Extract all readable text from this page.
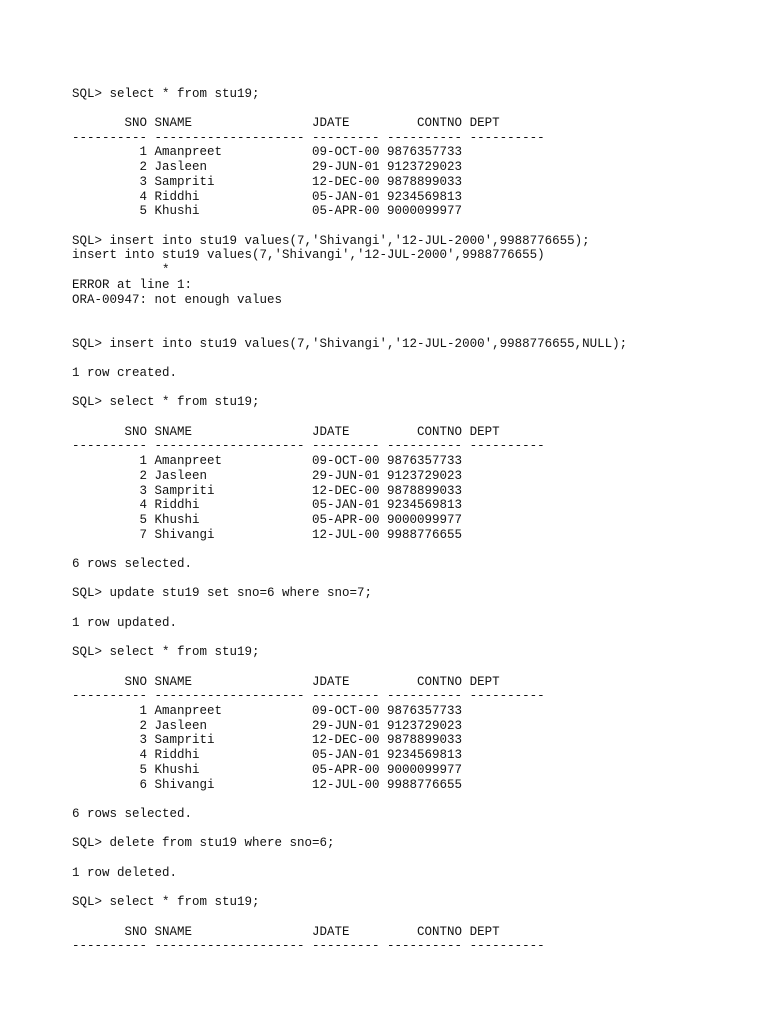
SQL> select * from stu19;
SNO SNAME                JDATE         CONTNO DEPT
---------- -------------------- --------- ---------- ----------
1 Amanpreet            09-OCT-00 9876357733
2 Jasleen              29-JUN-01 9123729023
3 Sampriti             12-DEC-00 9878899033
4 Riddhi               05-JAN-01 9234569813
5 Khushi               05-APR-00 9000099977
SQL> insert into stu19 values(7,'Shivangi','12-JUL-2000',9988776655);
insert into stu19 values(7,'Shivangi','12-JUL-2000',9988776655)
*
ERROR at line 1:
ORA-00947: not enough values
SQL> insert into stu19 values(7,'Shivangi','12-JUL-2000',9988776655,NULL);
1 row created.
SQL> select * from stu19;
SNO SNAME                JDATE         CONTNO DEPT
---------- -------------------- --------- ---------- ----------
1 Amanpreet            09-OCT-00 9876357733
2 Jasleen              29-JUN-01 9123729023
3 Sampriti             12-DEC-00 9878899033
4 Riddhi               05-JAN-01 9234569813
5 Khushi               05-APR-00 9000099977
7 Shivangi             12-JUL-00 9988776655
6 rows selected.
SQL> update stu19 set sno=6 where sno=7;
1 row updated.
SQL> select * from stu19;
SNO SNAME                JDATE         CONTNO DEPT
---------- -------------------- --------- ---------- ----------
1 Amanpreet            09-OCT-00 9876357733
2 Jasleen              29-JUN-01 9123729023
3 Sampriti             12-DEC-00 9878899033
4 Riddhi               05-JAN-01 9234569813
5 Khushi               05-APR-00 9000099977
6 Shivangi             12-JUL-00 9988776655
6 rows selected.
SQL> delete from stu19 where sno=6;
1 row deleted.
SQL> select * from stu19;
SNO SNAME                JDATE         CONTNO DEPT
---------- -------------------- --------- ---------- ----------
